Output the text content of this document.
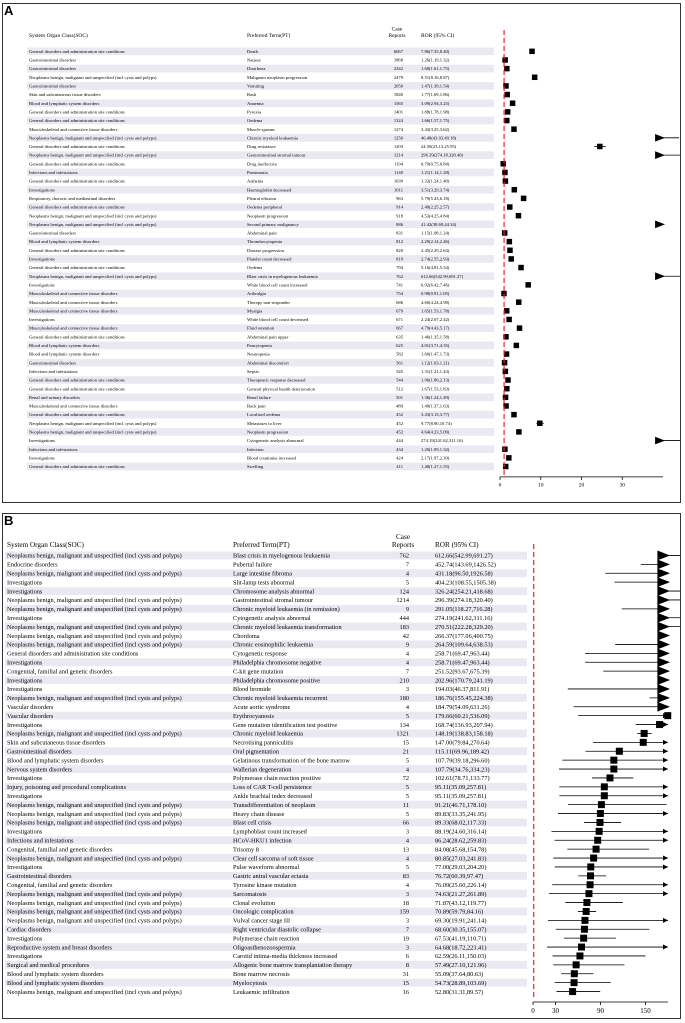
A
System Organ Class(SOC)	Preferred Term(PT)
Case
Reports	ROR (95% CI)
General disorders and administration site conditions	Death	6067	7.86(7.35,8.40)
Gastrointestinal disorders	Nausea	1868	1.26(1.19,1.32)
Gastrointestinal disorders	Diarrhoea	2342	1.68(1.61,1.75)
Neoplasms benign, malignant and unspecified (incl cysts and polyps)	Malignant neoplasm progression	2479	8.51(8.16,8.87)
Gastrointestinal disorders	Vomiting	2050	1.47(1.39,1.54)
Skin and subcutaneous tissue disorders	Rash	1840	1.77(1.69,1.86)
Blood and lymphatic system disorders	Anaemia	1565	3.09(2.94,3.25)
General disorders and administration site conditions	Pyrexia	1401	1.88(1.78,1.98)
General disorders and administration site conditions	Oedema	1324	1.66(1.57,1.75)
Musculoskeletal and connective tissue disorders	Muscle spasms	1274	3.43(3.25,3.62)
Neoplasms benign, malignant and unspecified (incl cysts and polyps)	Chronic myeloid leukaemia	1250	46.48(43.93,49.18)
General disorders and administration site conditions	Drug resistance	1203	24.50(23.13,25.95)
Neoplasms benign, malignant and unspecified (incl cysts and polyps)	Gastrointestinal stromal tumour	1214	296.39(274.18,320.40)
General disorders and administration site conditions	Drug ineffective	1194	0.79(0.75,0.84)
Infections and infestations	Pneumonia	1140	1.21(1.14,1.28)
General disorders and administration site conditions	Asthenia	1039	1.32(1.24,1.40)
Investigations	Haemoglobin decreased	1011	3.51(3.29,3.74)
Respiratory, thoracic and mediastinal disorders	Pleural effusion	963	5.79(5.43,6.18)
General disorders and administration site conditions	Oedema peripheral	914	2.40(2.25,2.57)
Neoplasms benign, malignant and unspecified (incl cysts and polyps)	Neoplasm progression	918	4.53(4.25,4.84)
Neoplasms benign, malignant and unspecified (incl cysts and polyps)	Second primary malignancy	886	41.42(38.69,44.34)
Gastrointestinal disorders	Abdominal pain	831	1.15(1.08,1.24)
Blood and lymphatic system disorders	Thrombocytopenia	812	2.29(2.14,2.46)
General disorders and administration site conditions	Disease progression	820	2.45(2.29,2.63)
Investigations	Platelet count decreased	819	2.74(2.55,2.93)
General disorders and administration site conditions	Oedema	794	5.16(4.81,5.54)
Neoplasms benign, malignant and unspecified (incl cysts and polyps)	Blast crisis in myelogenous leukaemia	762	612.66(542.99,691.27)
Investigations	White blood cell count increased	741	6.92(6.42,7.46)
Musculoskeletal and connective tissue disorders	Arthralgia	754	0.98(0.91,1.05)
Musculoskeletal and connective tissue disorders	Therapy non-responder	686	4.60(4.24,4.98)
Musculoskeletal and connective tissue disorders	Myalgia	679	1.65(1.53,1.78)
Investigations	White blood cell count decreased	671	2.24(2.07,2.42)
Musculoskeletal and connective tissue disorders	Fluid retention	667	4.79(4.43,5.17)
General disorders and administration site conditions	Abdominal pain upper	635	1.46(1.35,1.58)
Blood and lymphatic system disorders	Pancytopenia	625	4.01(3.71,4.35)
Blood and lymphatic system disorders	Neutropenia	582	1.60(1.47,1.73)
Gastrointestinal disorders	Abdominal discomfort	561	1.12(1.03,1.21)
Infections and infestations	Sepsis	545	1.31(1.21,1.43)
General disorders and administration site conditions	Therapeutic response decreased	544	1.96(1.80,2.13)
General disorders and administration site conditions	General physical health deterioration	512	1.67(1.53,1.83)
Renal and urinary disorders	Renal failure	501	1.36(1.24,1.49)
Musculoskeletal and connective tissue disorders	Back pain	489	1.49(1.37,1.63)
General disorders and administration site conditions	Localised oedema	452	3.43(3.13,3.77)
Neoplasms benign, malignant and unspecified (incl cysts and polyps)	Metastases to liver	452	9.77(8.90,10.74)
Neoplasms benign, malignant and unspecified (incl cysts and polyps)	Neoplasm progression	452	4.64(4.23,5.09)
Investigations	Cytogenetic analysis abnormal	444	274.19(241.62,311.16)
Infections and infestations	Infection	434	1.20(1.09,1.32)
Investigations	Blood creatinine increased	424	2.17(1.97,2.39)
General disorders and administration site conditions	Swelling	411	1.40(1.27,1.55)
0	10	20	30
B
System Organ Class(SOC)	Preferred Term(PT)
Case
Reports	ROR (95% CI)
Neoplasms benign, malignant and unspecified (incl cysts and polyps)	Blast crisis in myelogenous leukaemia	762	612.66(542.99,691.27)
Endocrine disorders	Pubertal failure	7	452.74(143.69,1426.52)
Neoplasms benign, malignant and unspecified (incl cysts and polyps)	Large intestine fibroma	4	431.18(96.50,1926.58)
Investigations	Slit-lamp tests abnormal	5	404.23(108.55,1505.38)
Investigations	Chromosome analysis abnormal	124	326.24(254.21,418.68)
Neoplasms benign, malignant and unspecified (incl cysts and polyps)	Gastrointestinal stromal tumour	1214	296.39(274.18,320.40)
Neoplasms benign, malignant and unspecified (incl cysts and polyps)	Chronic myeloid leukaemia (in remission)	9	291.05(118.27,716.28)
Investigations	Cytogenetic analysis abnormal	444	274.19(241.62,311.16)
Neoplasms benign, malignant and unspecified (incl cysts and polyps)	Chronic myeloid leukaemia transformation	183	270.51(222.28,329.20)
Neoplasms benign, malignant and unspecified (incl cysts and polyps)	Chordoma	42	266.37(177.06,400.75)
Neoplasms benign, malignant and unspecified (incl cysts and polyps)	Chronic eosinophilic leukaemia	9	264.59(109.64,638.53)
General disorders and administration site conditions	Cytogenetic response	4	258.71(69.47,963.44)
Investigations	Philadelphia chromosome negative	4	258.71(69.47,963.44)
Congenital, familial and genetic disorders	C-kit gene mutation	7	251.52(93.67,675.39)
Investigations	Philadelphia chromosome positive	210	202.96(170.79,241.19)
Investigations	Blood bromide	3	194.03(46.37,811.91)
Neoplasms benign, malignant and unspecified (incl cysts and polyps)	Chronic myeloid leukaemia recurrent	180	186.76(155.45,224.38)
Vascular disorders	Acute aortic syndrome	4	184.79(54.09,631.26)
Vascular disorders	Erythrocyanosis	5	179.66(60.21,536.09)
Investigations	Gene mutation identification test positive	134	168.74(136.93,207.94)
Neoplasms benign, malignant and unspecified (incl cysts and polyps)	Chronic myeloid leukaemia	1321	148.19(138.83,158.18)
Skin and subcutaneous tissue disorders	Necrotising panniculitis	15	147.00(79.84,270.64)
Gastrointestinal disorders	Oral pigmentation	21	115.11(69.96,189.42)
Blood and lymphatic system disorders	Gelatinous transformation of the bone marrow	5	107.79(39.18,296.60)
Nervous system disorders	Wallerian degeneration	4	107.79(34.76,334.23)
Investigations	Polymerase chain reaction positive	72	102.61(78.71,133.77)
Injury, poisoning and procedural complications	Loss of CAR T-cell persistence	5	95.11(35.09,257.81)
Investigations	Ankle brachial index decreased	5	95.11(35.09,257.81)
Neoplasms benign, malignant and unspecified (incl cysts and polyps)	Transdifferentiation of neoplasm	11	91.21(46.71,178.10)
Neoplasms benign, malignant and unspecified (incl cysts and polyps)	Heavy chain disease	5	89.83(33.35,241.95)
Neoplasms benign, malignant and unspecified (incl cysts and polyps)	Blast cell crisis	66	89.33(68.02,117.33)
Investigations	Lymphoblast count increased	3	88.19(24.60,316.14)
Infections and infestations	HCoV-HKU1 infection	4	86.24(28.62,259.83)
Congenital, familial and genetic disorders	Trisomy 8	13	84.08(45.68,154.78)
Neoplasms benign, malignant and unspecified (incl cysts and polyps)	Clear cell sarcoma of soft tissue	4	80.85(27.03,241.83)
Investigations	Pulse waveform abnormal	5	77.00(29.03,204.20)
Gastrointestinal disorders	Gastric antral vascular ectasia	83	76.72(60.39,97.47)
Congenital, familial and genetic disorders	Tyrosine kinase mutation	4	76.09(25.60,226.14)
Neoplasms benign, malignant and unspecified (incl cysts and polyps)	Sarcomatosis	3	74.63(21.27,261.89)
Neoplasms benign, malignant and unspecified (incl cysts and polyps)	Clonal evolution	18	71.87(43.12,119.77)
Neoplasms benign, malignant and unspecified (incl cysts and polyps)	Oncologic complication	159	70.89(59.79,84.16)
Neoplasms benign, malignant and unspecified (incl cysts and polyps)	Vulval cancer stage III	3	69.30(19.91,241.14)
Cardiac disorders	Right ventricular diastolic collapse	7	68.60(30.35,155.07)
Investigations	Polymerase chain reaction	19	67.53(41.19,110.71)
Reproductive system and breast disorders	Oligoasthenozoospermia	3	64.68(18.72,223.41)
Investigations	Carotid intima-media thickness increased	6	62.59(26.11,150.03)
Surgical and medical procedures	Allogenic bone marrow transplantation therapy	8	57.49(27.10,121.96)
Blood and lymphatic system disorders	Bone marrow necrosis	31	55.09(37.64,80.63)
Blood and lymphatic system disorders	Myelocytosis	15	54.73(28.89,103.69)
Neoplasms benign, malignant and unspecified (incl cysts and polyps)	Leukaemic infiltration	16	52.80(31.31,89.57)
0 30	90	150
